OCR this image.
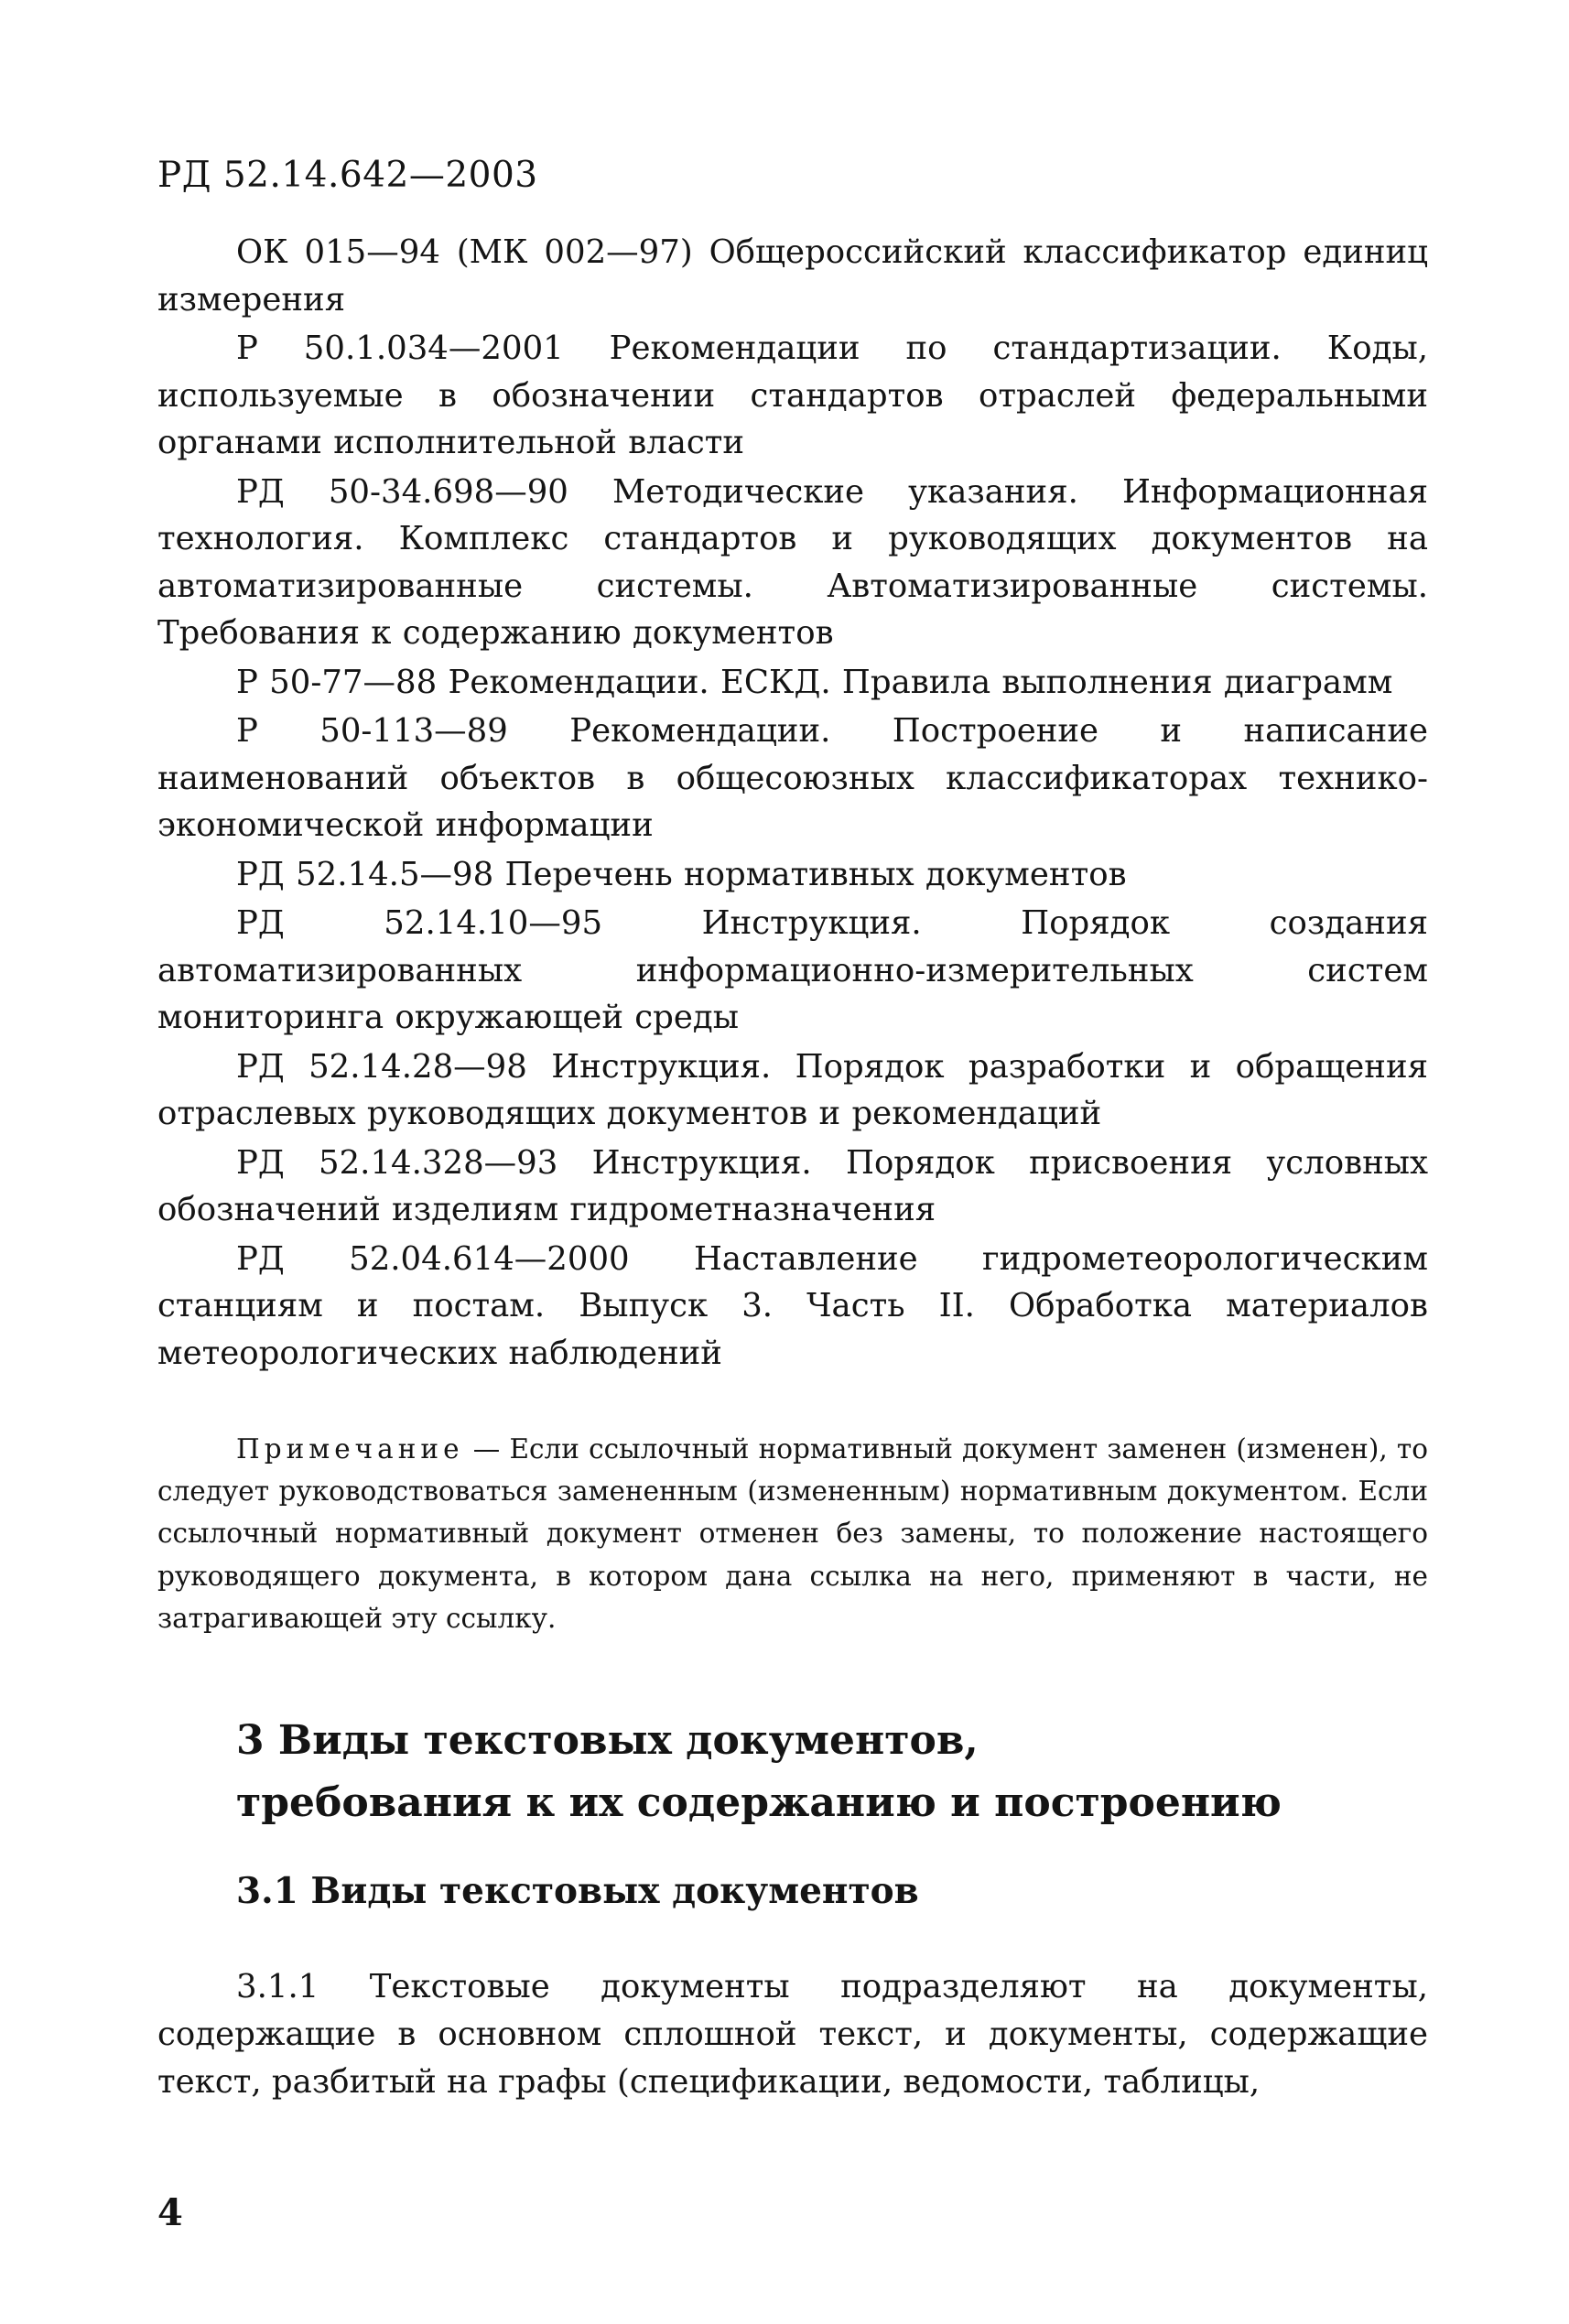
РД 52.14.642—2003
ОК 015—94 (МК 002—97) Общероссийский классификатор единиц измерения
Р 50.1.034—2001 Рекомендации по стандартизации. Коды, используемые в обозначении стандартов отраслей федеральными органами исполнительной власти
РД 50-34.698—90 Методические указания. Информационная технология. Комплекс стандартов и руководящих документов на автоматизированные системы. Автоматизированные системы. Требования к содержанию документов
Р 50-77—88 Рекомендации. ЕСКД. Правила выполнения диаграмм
Р 50-113—89 Рекомендации. Построение и написание наименований объектов в общесоюзных классификаторах технико-экономической информации
РД 52.14.5—98 Перечень нормативных документов
РД 52.14.10—95 Инструкция. Порядок создания автоматизированных информационно-измерительных систем мониторинга окружающей среды
РД 52.14.28—98 Инструкция. Порядок разработки и обращения отраслевых руководящих документов и рекомендаций
РД 52.14.328—93 Инструкция. Порядок присвоения условных обозначений изделиям гидрометназначения
РД 52.04.614—2000 Наставление гидрометеорологическим станциям и постам. Выпуск 3. Часть II. Обработка материалов метеорологических наблюдений

Примечание — Если ссылочный нормативный документ заменен (изменен), то следует руководствоваться замененным (измененным) нормативным документом. Если ссылочный нормативный документ отменен без замены, то положение настоящего руководящего документа, в котором дана ссылка на него, применяют в части, не затрагивающей эту ссылку.

3 Виды текстовых документов,
требования к их содержанию и построению
3.1 Виды текстовых документов

3.1.1 Текстовые документы подразделяют на документы, содержащие в основном сплошной текст, и документы, содержащие текст, разбитый на графы (спецификации, ведомости, таблицы,

4
